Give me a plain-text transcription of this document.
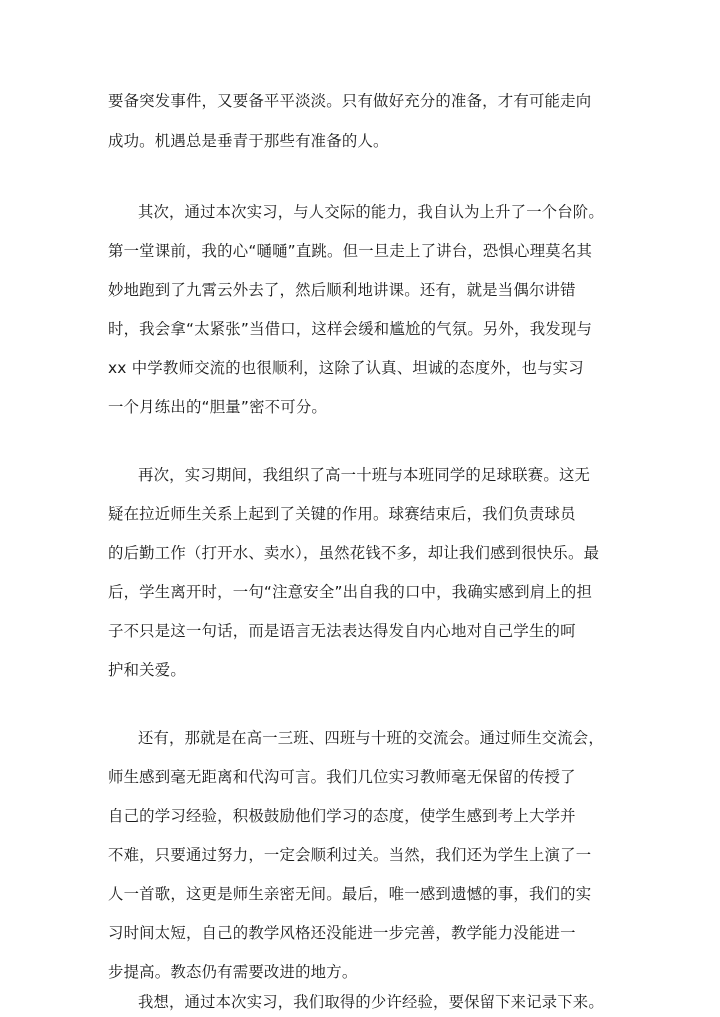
要备突发事件，又要备平平淡淡。只有做好充分的准备，才有可能走向
成功。机遇总是垂青于那些有准备的人。
其次，通过本次实习，与人交际的能力，我自认为上升了一个台阶。
第一堂课前，我的心“嗵嗵”直跳。但一旦走上了讲台，恐惧心理莫名其
妙地跑到了九霄云外去了，然后顺利地讲课。还有，就是当偶尔讲错
时，我会拿“太紧张”当借口，这样会缓和尴尬的气氛。另外，我发现与
xx 中学教师交流的也很顺利，这除了认真、坦诚的态度外，也与实习
一个月练出的“胆量”密不可分。
再次，实习期间，我组织了高一十班与本班同学的足球联赛。这无
疑在拉近师生关系上起到了关键的作用。球赛结束后，我们负责球员
的后勤工作（打开水、卖水），虽然花钱不多，却让我们感到很快乐。最
后，学生离开时，一句“注意安全”出自我的口中，我确实感到肩上的担
子不只是这一句话，而是语言无法表达得发自内心地对自己学生的呵
护和关爱。
还有，那就是在高一三班、四班与十班的交流会。通过师生交流会，
师生感到毫无距离和代沟可言。我们几位实习教师毫无保留的传授了
自己的学习经验，积极鼓励他们学习的态度，使学生感到考上大学并
不难，只要通过努力，一定会顺利过关。当然，我们还为学生上演了一
人一首歌，这更是师生亲密无间。最后，唯一感到遗憾的事，我们的实
习时间太短，自己的教学风格还没能进一步完善，教学能力没能进一
步提高。教态仍有需要改进的地方。
我想，通过本次实习，我们取得的少许经验，要保留下来记录下来。
